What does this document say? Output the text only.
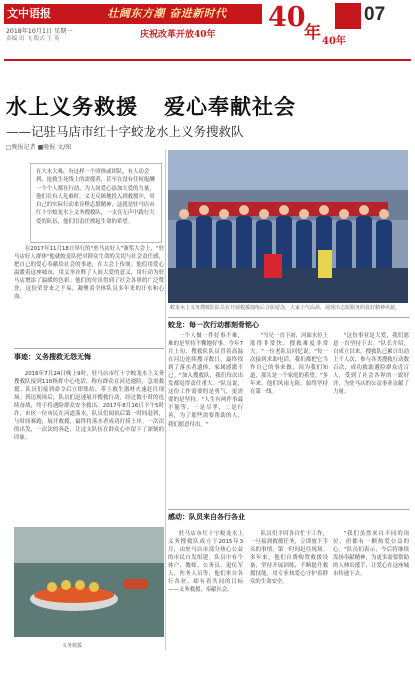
文中语报	壮阔东方潮 奋进新时代
2018年10月1日 星期一
责编 田 飞 版式 王 英	庆祝改革开放40年
40
年
07
40年
水上义务救援 爱心奉献社会
——记驻马店市红十字蛟龙水上义务搜救队
□晚报记者 ■晚报 文/图
在大水大难，有这样一个团体或团队，有人动会到，抢救生死线上的需援者，甚至在没有任何报酬一个个人都在行动，为人间爱心添加大爱的力量，他们在有人危难时，义无反顾地投入到救援中，用自己的实际行动来诠释志愿精神，这就是驻马店市红十字蛟龙水上义务搜救队，一支在无声中践行大爱的队伍，他们用责任撑起生命的希望。
蛟龙水上义务搜救队队员在开展救援演练后合影留念，大家士气高昂，展现出志愿服务的良好精神风貌。

在2017年11月18日举行的"驻马店好人"颁奖大会上，"驻马店好人群体"他就蛟龙队把对群众生命的关切与社会责任感，把自己的爱心奉献给社会的事迹，在大会上传颂。他们用爱心温暖着这座城市，用义举诠释了人间大爱的意义，用行动为驻马店增添了温暖的色彩。他们的付出得到了社会各界的广泛赞誉，这份荣誉来之不易，凝聚着全体队员多年来的汗水和心血。

事迹：义务搜救无怨无悔

2016年7月24日晚上9时，驻马店市红十字蛟龙水上义务搜救队接到110指挥中心电话，称有群众在河边遇险，急需救援。队员们接到命令后立即集结，带上救生器材火速赶往现场。到达现场后，队员们迅速展开搜救行动，经过数小时的连续奋战，终于将遇险群众安全救出。2017年8月16日下午5时许，市区一位市民在河道落水，队员们闻讯后第一时间赶到，与时间赛跑，展开救援，最终将落水者成功打捞上岸。一次次的出发，一次次的奔赴，让这支队伍在群众心中留下了深刻的印象。

义务救援
蛟龙：每一次行动都刻骨铭心

一个人做一件好事不难，难的是坚持不懈地好事。今年7月上旬，搜救队队员冒着高温在河边连续搜寻数日，最终找到了落水者遗体，家属感激不已。"加入搜救队，我们每次出发都觉得责任重大。"队员说，这份工作需要的是勇气，更需要的是坚持。"人生有两件事最不能等，一是尽孝，二是行善，为了那些需要帮助的人，我们愿意付出。"

"当兄一直下雨，河面水位上涨得非常快，搜救难度非常大。"一位老队员回忆说。"每一次接到求助电话，我们都把它当作自己的事来做，因为我们知道，那头是一个家庭的希望。"多年来，他们风雨无阻，始终坚持在第一线。

"这份事业是大爱，我们愿意一直坚持下去。"队长介绍，自成立以来，搜救队已累计出动上千人次，参与各类搜救行动数百次，成功救助遇险群众近百人，受到了社会各界的一致好评，为驻马店的公益事业贡献了力量。

感动：队员来自各行各业

驻马店市红十字蛟龙水上义务搜救队成立于2015年3月，由驻马店市部分热心公益的市民自发组建。队员中有个体户、教师、公务员、退伍军人、医务人员等，他们来自各行各业，却有着共同的目标——义务救援，奉献社会。

队员们平时各自忙于工作，一旦接到救援任务，立即放下手头的事情，第一时间赶往现场。多年来，他们自费购置救援设备，坚持开展训练，不断提升救援技能，用专业和爱心守护着群众的生命安全。

"我们虽然来自不同的岗位，但都有一颗热爱公益的心。"队员们表示，今后将继续发扬奉献精神，为更多需要帮助的人伸出援手，让爱心在这座城市传递下去。
